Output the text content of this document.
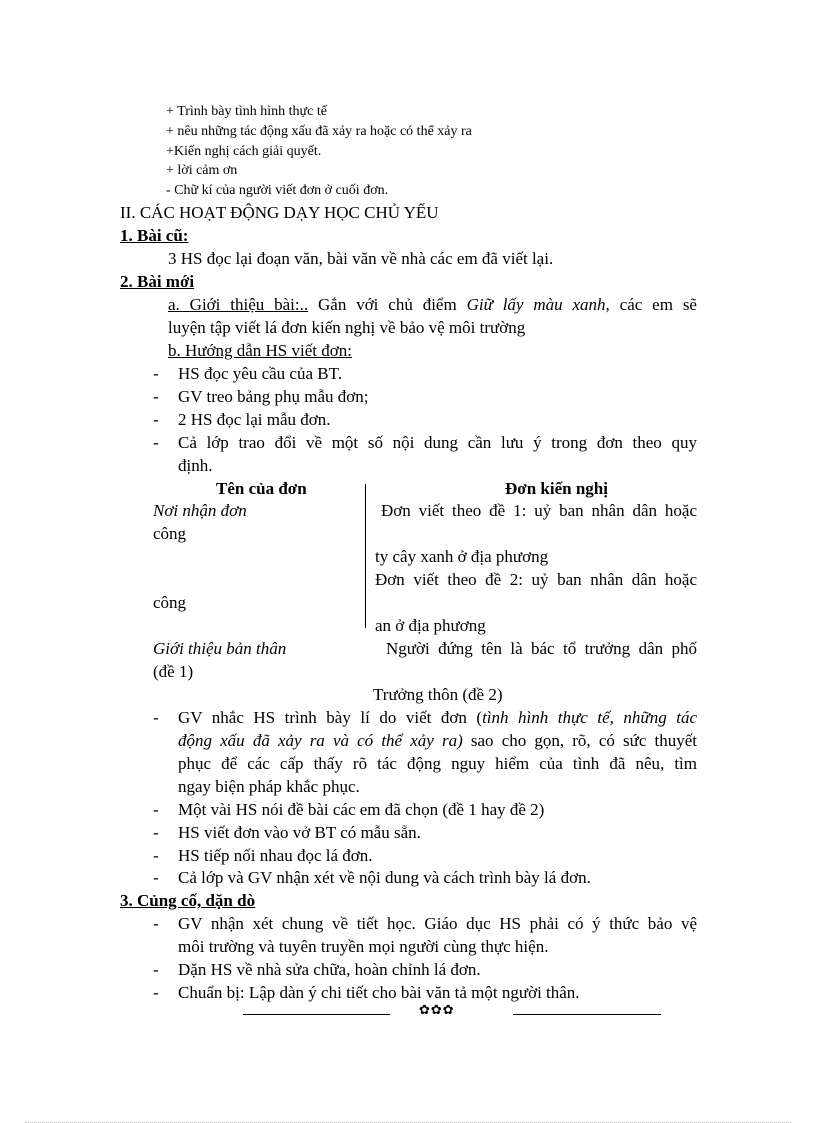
+ Trình bày tình hình thực tế
+ nêu những tác động xấu đã xảy ra hoặc có thể xảy ra
+Kiến nghị cách giải quyết.
+ lời cảm ơn
- Chữ kí của người viết đơn ở cuối đơn.
II. CÁC HOẠT ĐỘNG DẠY HỌC CHỦ YẾU
1. Bài cũ:
3 HS đọc lại đoạn văn, bài văn về nhà các em đã viết lại.
2. Bài mới
a. Giới thiệu bài:.. Gắn với chủ điểm Giữ lấy màu xanh, các em sẽ
luyện tập viết lá đơn kiến nghị về bảo vệ môi trường
b. Hướng dẫn HS viết đơn:
- HS đọc yêu cầu của BT.
- GV treo bảng phụ mẫu đơn;
- 2 HS đọc lại mẫu đơn.
- Cả lớp trao đổi về một số nội dung cần lưu ý trong đơn theo quy
định.
Tên của đơn	Đơn kiến nghị
Nơi nhận đơn	Đơn viết theo đề 1: uỷ ban nhân dân hoặc
công
ty cây xanh ở địa phương
Đơn viết theo đề 2: uỷ ban nhân dân hoặc
công
an ở địa phương
Giới thiệu bản thân	Người đứng tên là bác tổ trưởng dân phố
(đề 1)
Trưởng thôn (đề 2)
- GV nhắc HS trình bày lí do viết đơn (tình hình thực tế, những tác
động xấu đã xảy ra và có thể xảy ra) sao cho gọn, rõ, có sức thuyết
phục để các cấp thấy rõ tác động nguy hiểm của tình đã nêu, tìm
ngay biện pháp khắc phục.
- Một vài HS nói đề bài các em đã chọn (đề 1 hay đề 2)
- HS viết đơn vào vở BT có mẫu sẵn.
- HS tiếp nối nhau đọc lá đơn.
- Cả lớp và GV nhận xét về nội dung và cách trình bày lá đơn.
3. Củng cố, dặn dò
- GV nhận xét chung về tiết học. Giáo dục HS phải có ý thức bảo vệ
môi trường và tuyên truyền mọi người cùng thực hiện.
- Dặn HS về nhà sửa chữa, hoàn chỉnh lá đơn.
- Chuẩn bị: Lập dàn ý chi tiết cho bài văn tả một người thân.
✿✿✿
